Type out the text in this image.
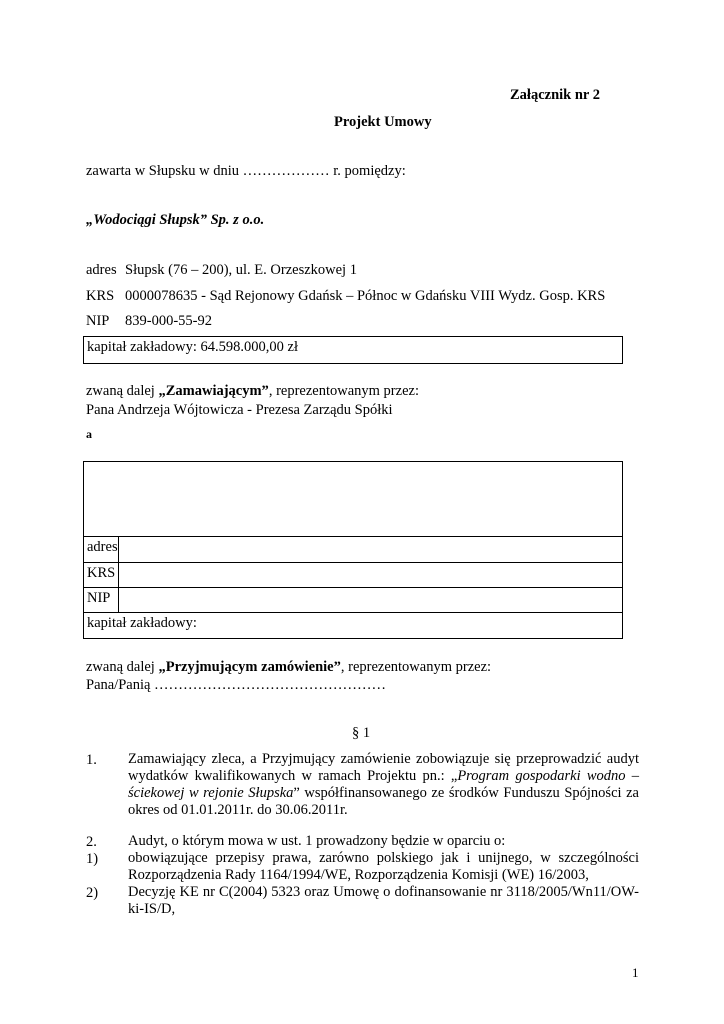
Załącznik nr 2
Projekt Umowy
zawarta w Słupsku w dniu ……………… r. pomiędzy:
„Wodociągi Słupsk” Sp. z o.o.
adres Słupsk (76 – 200), ul. E. Orzeszkowej 1
KRS 0000078635 - Sąd Rejonowy Gdańsk – Północ w Gdańsku VIII Wydz. Gosp. KRS
NIP 839-000-55-92
kapitał zakładowy: 64.598.000,00 zł
zwaną dalej „Zamawiającym”, reprezentowanym przez:
Pana Andrzeja Wójtowicza - Prezesa Zarządu Spółki
a
adres
KRS
NIP
kapitał zakładowy:
zwaną dalej „Przyjmującym zamówienie”, reprezentowanym przez:
Pana/Panią …………………………………………
§ 1
1. Zamawiający zleca, a Przyjmujący zamówienie zobowiązuje się przeprowadzić audyt wydatków kwalifikowanych w ramach Projektu pn.: „Program gospodarki wodno – ściekowej w rejonie Słupska” współfinansowanego ze środków Funduszu Spójności za okres od 01.01.2011r. do 30.06.2011r.
2. Audyt, o którym mowa w ust. 1 prowadzony będzie w oparciu o:
1) obowiązujące przepisy prawa, zarówno polskiego jak i unijnego, w szczególności Rozporządzenia Rady 1164/1994/WE, Rozporządzenia Komisji (WE) 16/2003,
2) Decyzję KE nr C(2004) 5323 oraz Umowę o dofinansowanie nr 3118/2005/Wn11/OW-ki-IS/D,
1
